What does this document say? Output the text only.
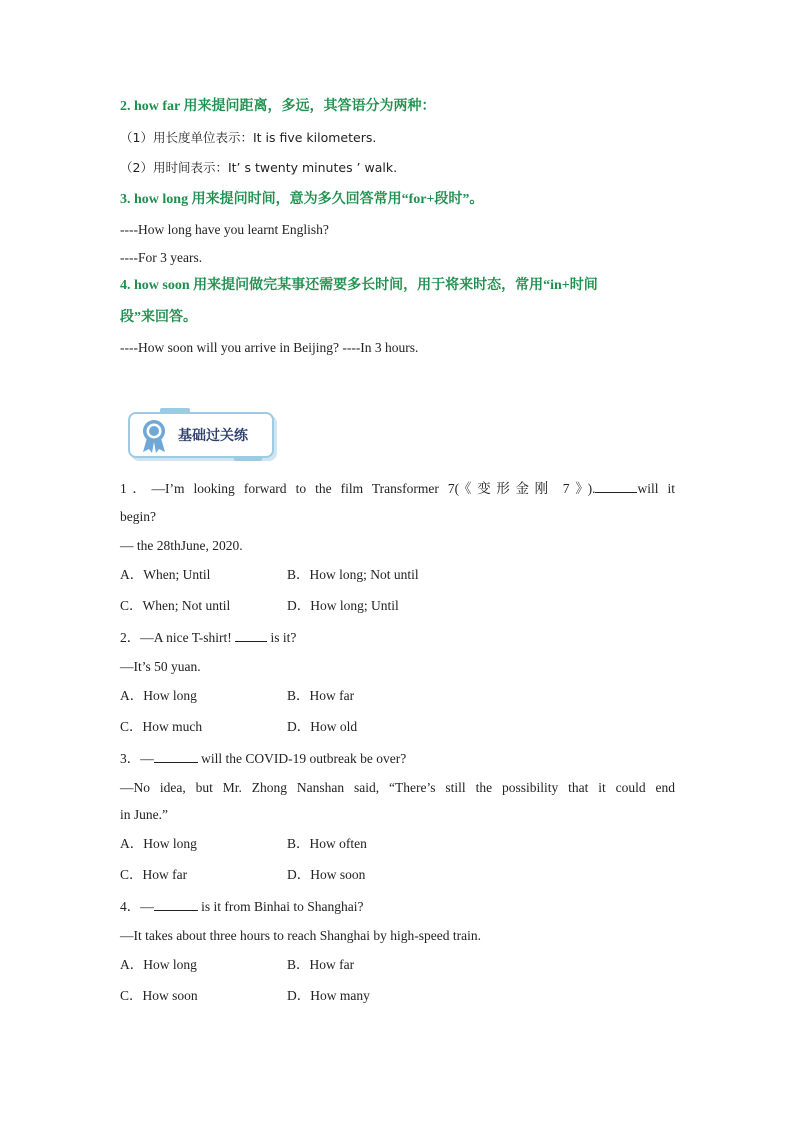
2. how far 用来提问距离，多远，其答语分为两种：
（1）用长度单位表示：It is five kilometers.
（2）用时间表示：It’ s twenty minutes ’ walk.
3. how long 用来提问时间，意为多久回答常用“for+段时”。
----How long have you learnt English?
----For 3 years.
4. how soon 用来提问做完某事还需要多长时间，用于将来时态，常用“in+时间
段”来回答。
----How soon will you arrive in Beijing? ----In 3 hours.
基础过关练
1．—I’m looking forward to the film Transformer 7(《变形金刚 7》).	will it
begin?
— the 28thJune, 2020.
A．When; Until	B．How long; Not until
C．When; Not until	D．How long; Until
2．—A nice T-shirt!	is it?
—It’s 50 yuan.
A．How long	B．How far
C．How much	D．How old
3．—	will the COVID-19 outbreak be over?
—No idea, but Mr. Zhong Nanshan said, “There’s still the possibility that it could end
in June.”
A．How long	B．How often
C．How far	D．How soon
4．—	is it from Binhai to Shanghai?
—It takes about three hours to reach Shanghai by high-speed train.
A．How long	B．How far
C．How soon	D．How many
